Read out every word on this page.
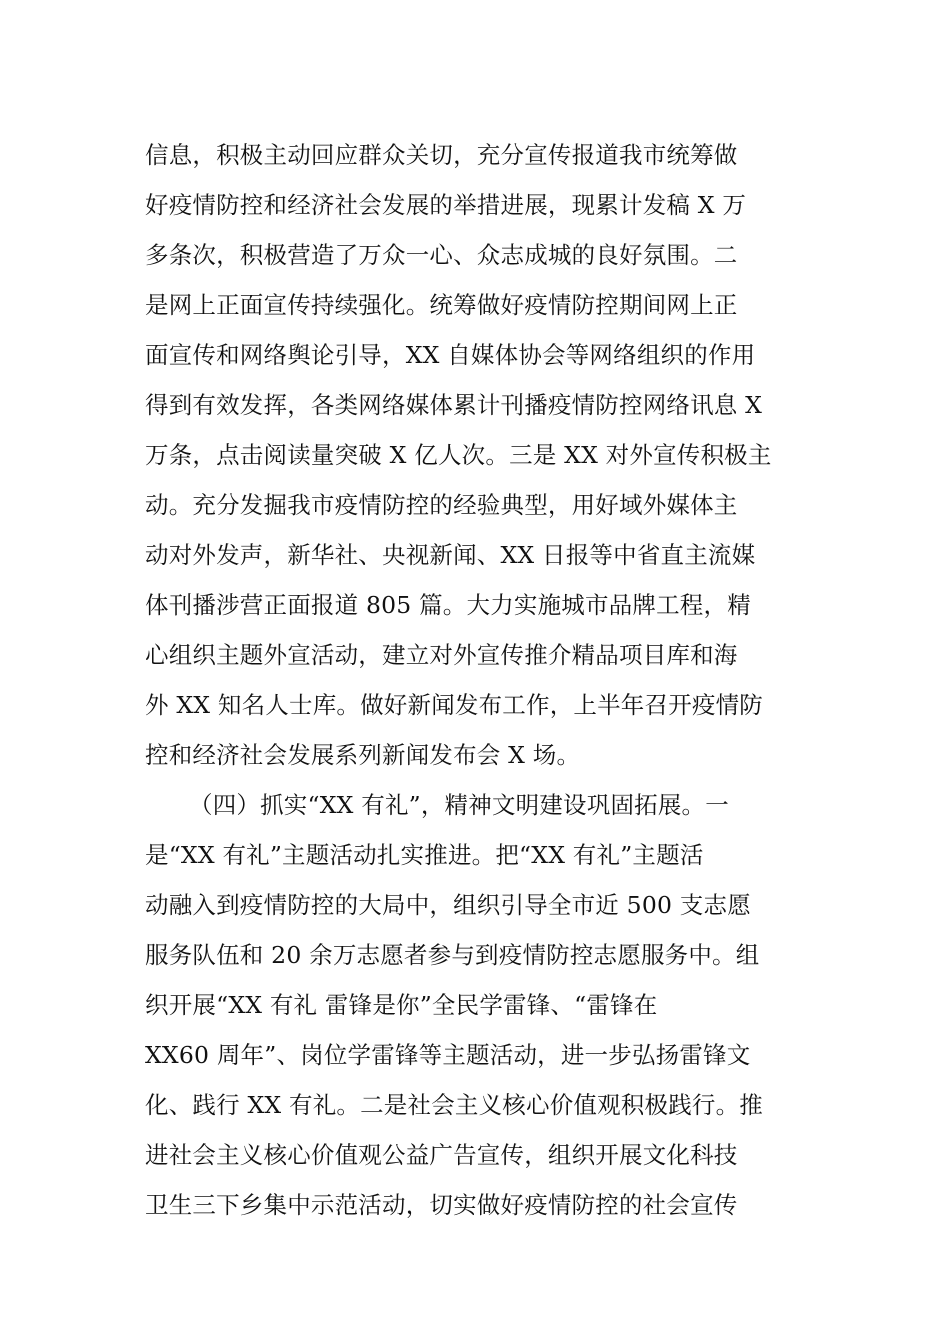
信息，积极主动回应群众关切，充分宣传报道我市统筹做
好疫情防控和经济社会发展的举措进展，现累计发稿 X 万
多条次，积极营造了万众一心、众志成城的良好氛围。二
是网上正面宣传持续强化。统筹做好疫情防控期间网上正
面宣传和网络舆论引导，XX 自媒体协会等网络组织的作用
得到有效发挥，各类网络媒体累计刊播疫情防控网络讯息 X
万条，点击阅读量突破 X 亿人次。三是 XX 对外宣传积极主
动。充分发掘我市疫情防控的经验典型，用好域外媒体主
动对外发声，新华社、央视新闻、XX 日报等中省直主流媒
体刊播涉营正面报道 805 篇。大力实施城市品牌工程，精
心组织主题外宣活动，建立对外宣传推介精品项目库和海
外 XX 知名人士库。做好新闻发布工作，上半年召开疫情防
控和经济社会发展系列新闻发布会 X 场。
（四）抓实“XX 有礼”，精神文明建设巩固拓展。一
是“XX 有礼”主题活动扎实推进。把“XX 有礼”主题活
动融入到疫情防控的大局中，组织引导全市近 500 支志愿
服务队伍和 20 余万志愿者参与到疫情防控志愿服务中。组
织开展“XX 有礼 雷锋是你”全民学雷锋、“雷锋在
XX60 周年”、岗位学雷锋等主题活动，进一步弘扬雷锋文
化、践行 XX 有礼。二是社会主义核心价值观积极践行。推
进社会主义核心价值观公益广告宣传，组织开展文化科技
卫生三下乡集中示范活动，切实做好疫情防控的社会宣传
